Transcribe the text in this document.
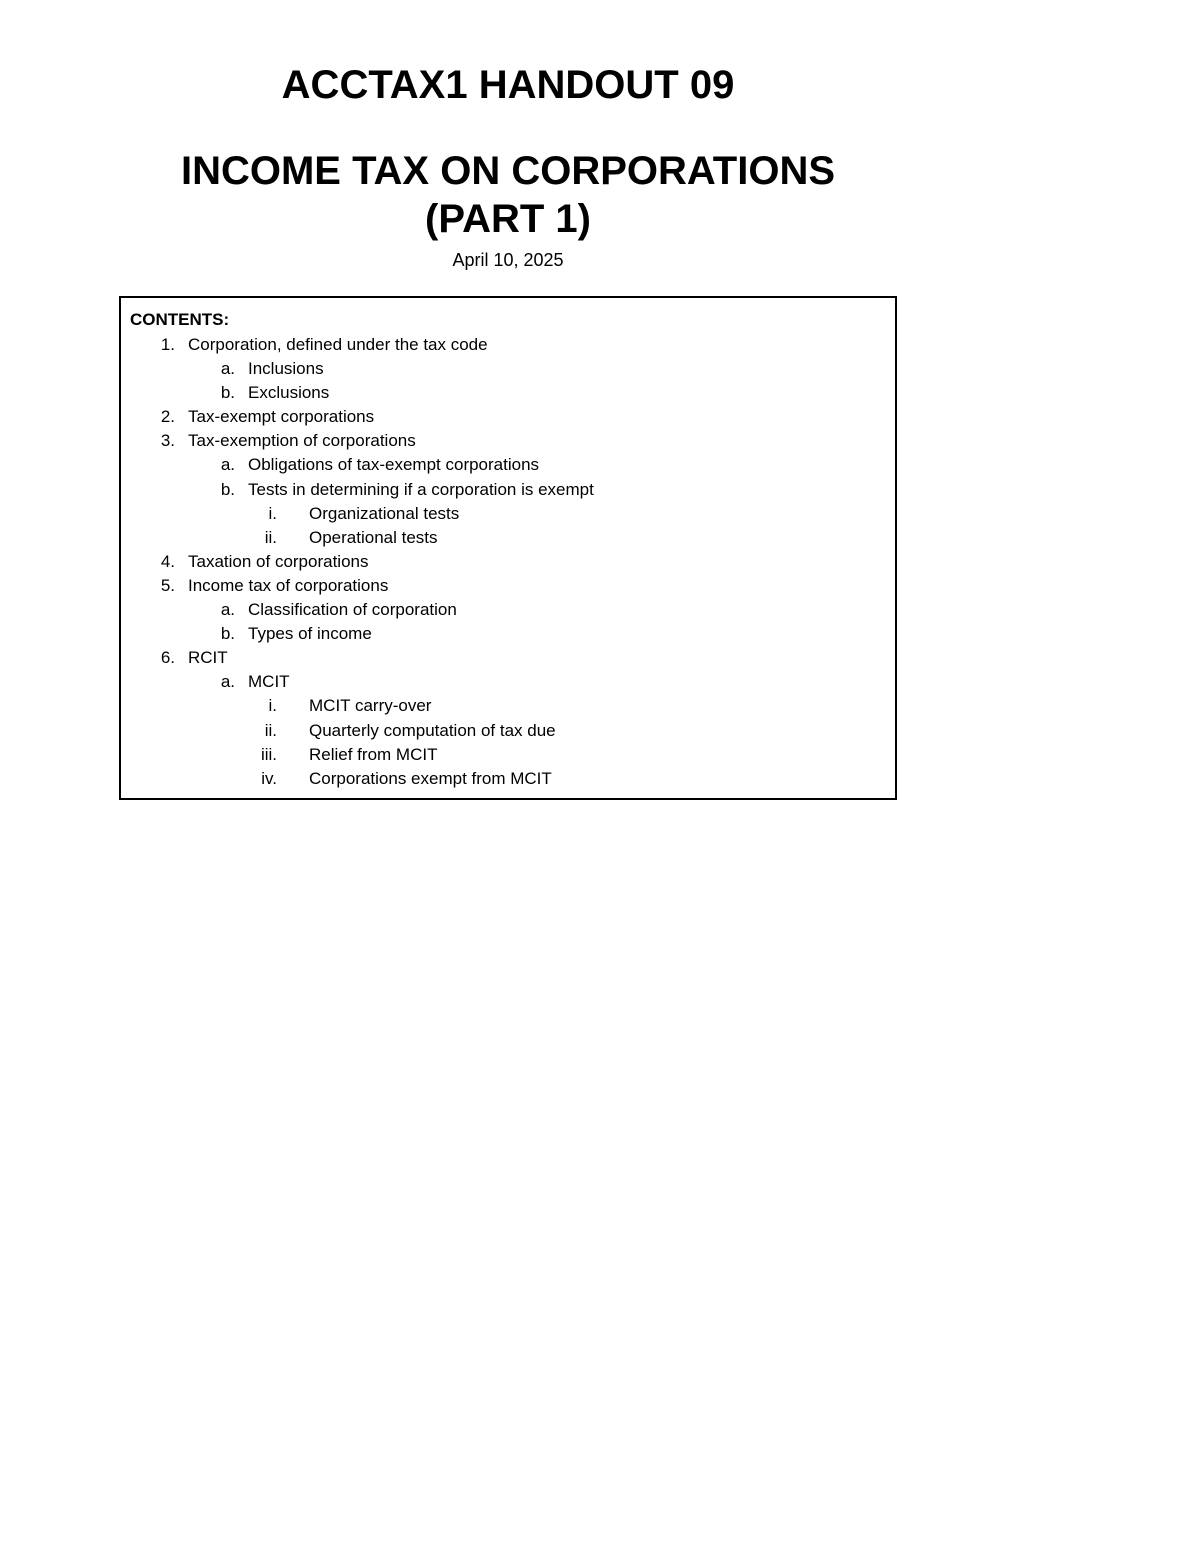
ACCTAX1 HANDOUT 09
INCOME TAX ON CORPORATIONS
(PART 1)
April 10, 2025
CONTENTS:
1. Corporation, defined under the tax code
a. Inclusions
b. Exclusions
2. Tax-exempt corporations
3. Tax-exemption of corporations
a. Obligations of tax-exempt corporations
b. Tests in determining if a corporation is exempt
i. Organizational tests
ii. Operational tests
4. Taxation of corporations
5. Income tax of corporations
a. Classification of corporation
b. Types of income
6. RCIT
a. MCIT
i. MCIT carry-over
ii. Quarterly computation of tax due
iii. Relief from MCIT
iv. Corporations exempt from MCIT
